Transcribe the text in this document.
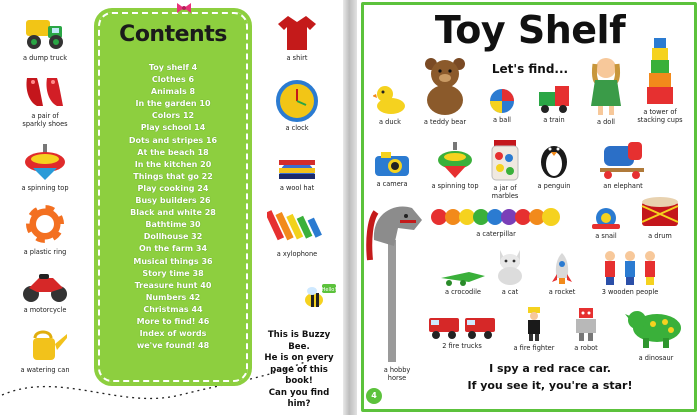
a dump truck
a pair of sparkly shoes
a spinning top
a plastic ring
a motorcycle
a watering can
Contents
Toy shelf 4
Clothes 6
Animals 8
In the garden 10
Colors 12
Play school 14
Dots and stripes 16
At the beach 18
In the kitchen 20
Things that go 22
Play cooking 24
Busy builders 26
Black and white 28
Bathtime 30
Dollhouse 32
On the farm 34
Musical things 36
Story time 38
Treasure hunt 40
Numbers 42
Christmas 44
More to find! 46
Index of words
we've found! 48
a shirt
a clock
a wool hat
a xylophone
Hello!
This is Buzzy Bee.
He is on every
page of this book!
Can you find him?
Toy Shelf
Let's find...
a duck	a teddy bear	a ball	a train	a doll
a tower of stacking cups
a camera	a spinning top	a jar of marbles
a penguin	an elephant
a caterpillar	a snail	a drum
a hobby horse
a crocodile	a cat	a rocket	3 wooden people
2 fire trucks	a fire fighter	a robot
a dinosaur
I spy a red race car.
If you see it, you're a star!
4
